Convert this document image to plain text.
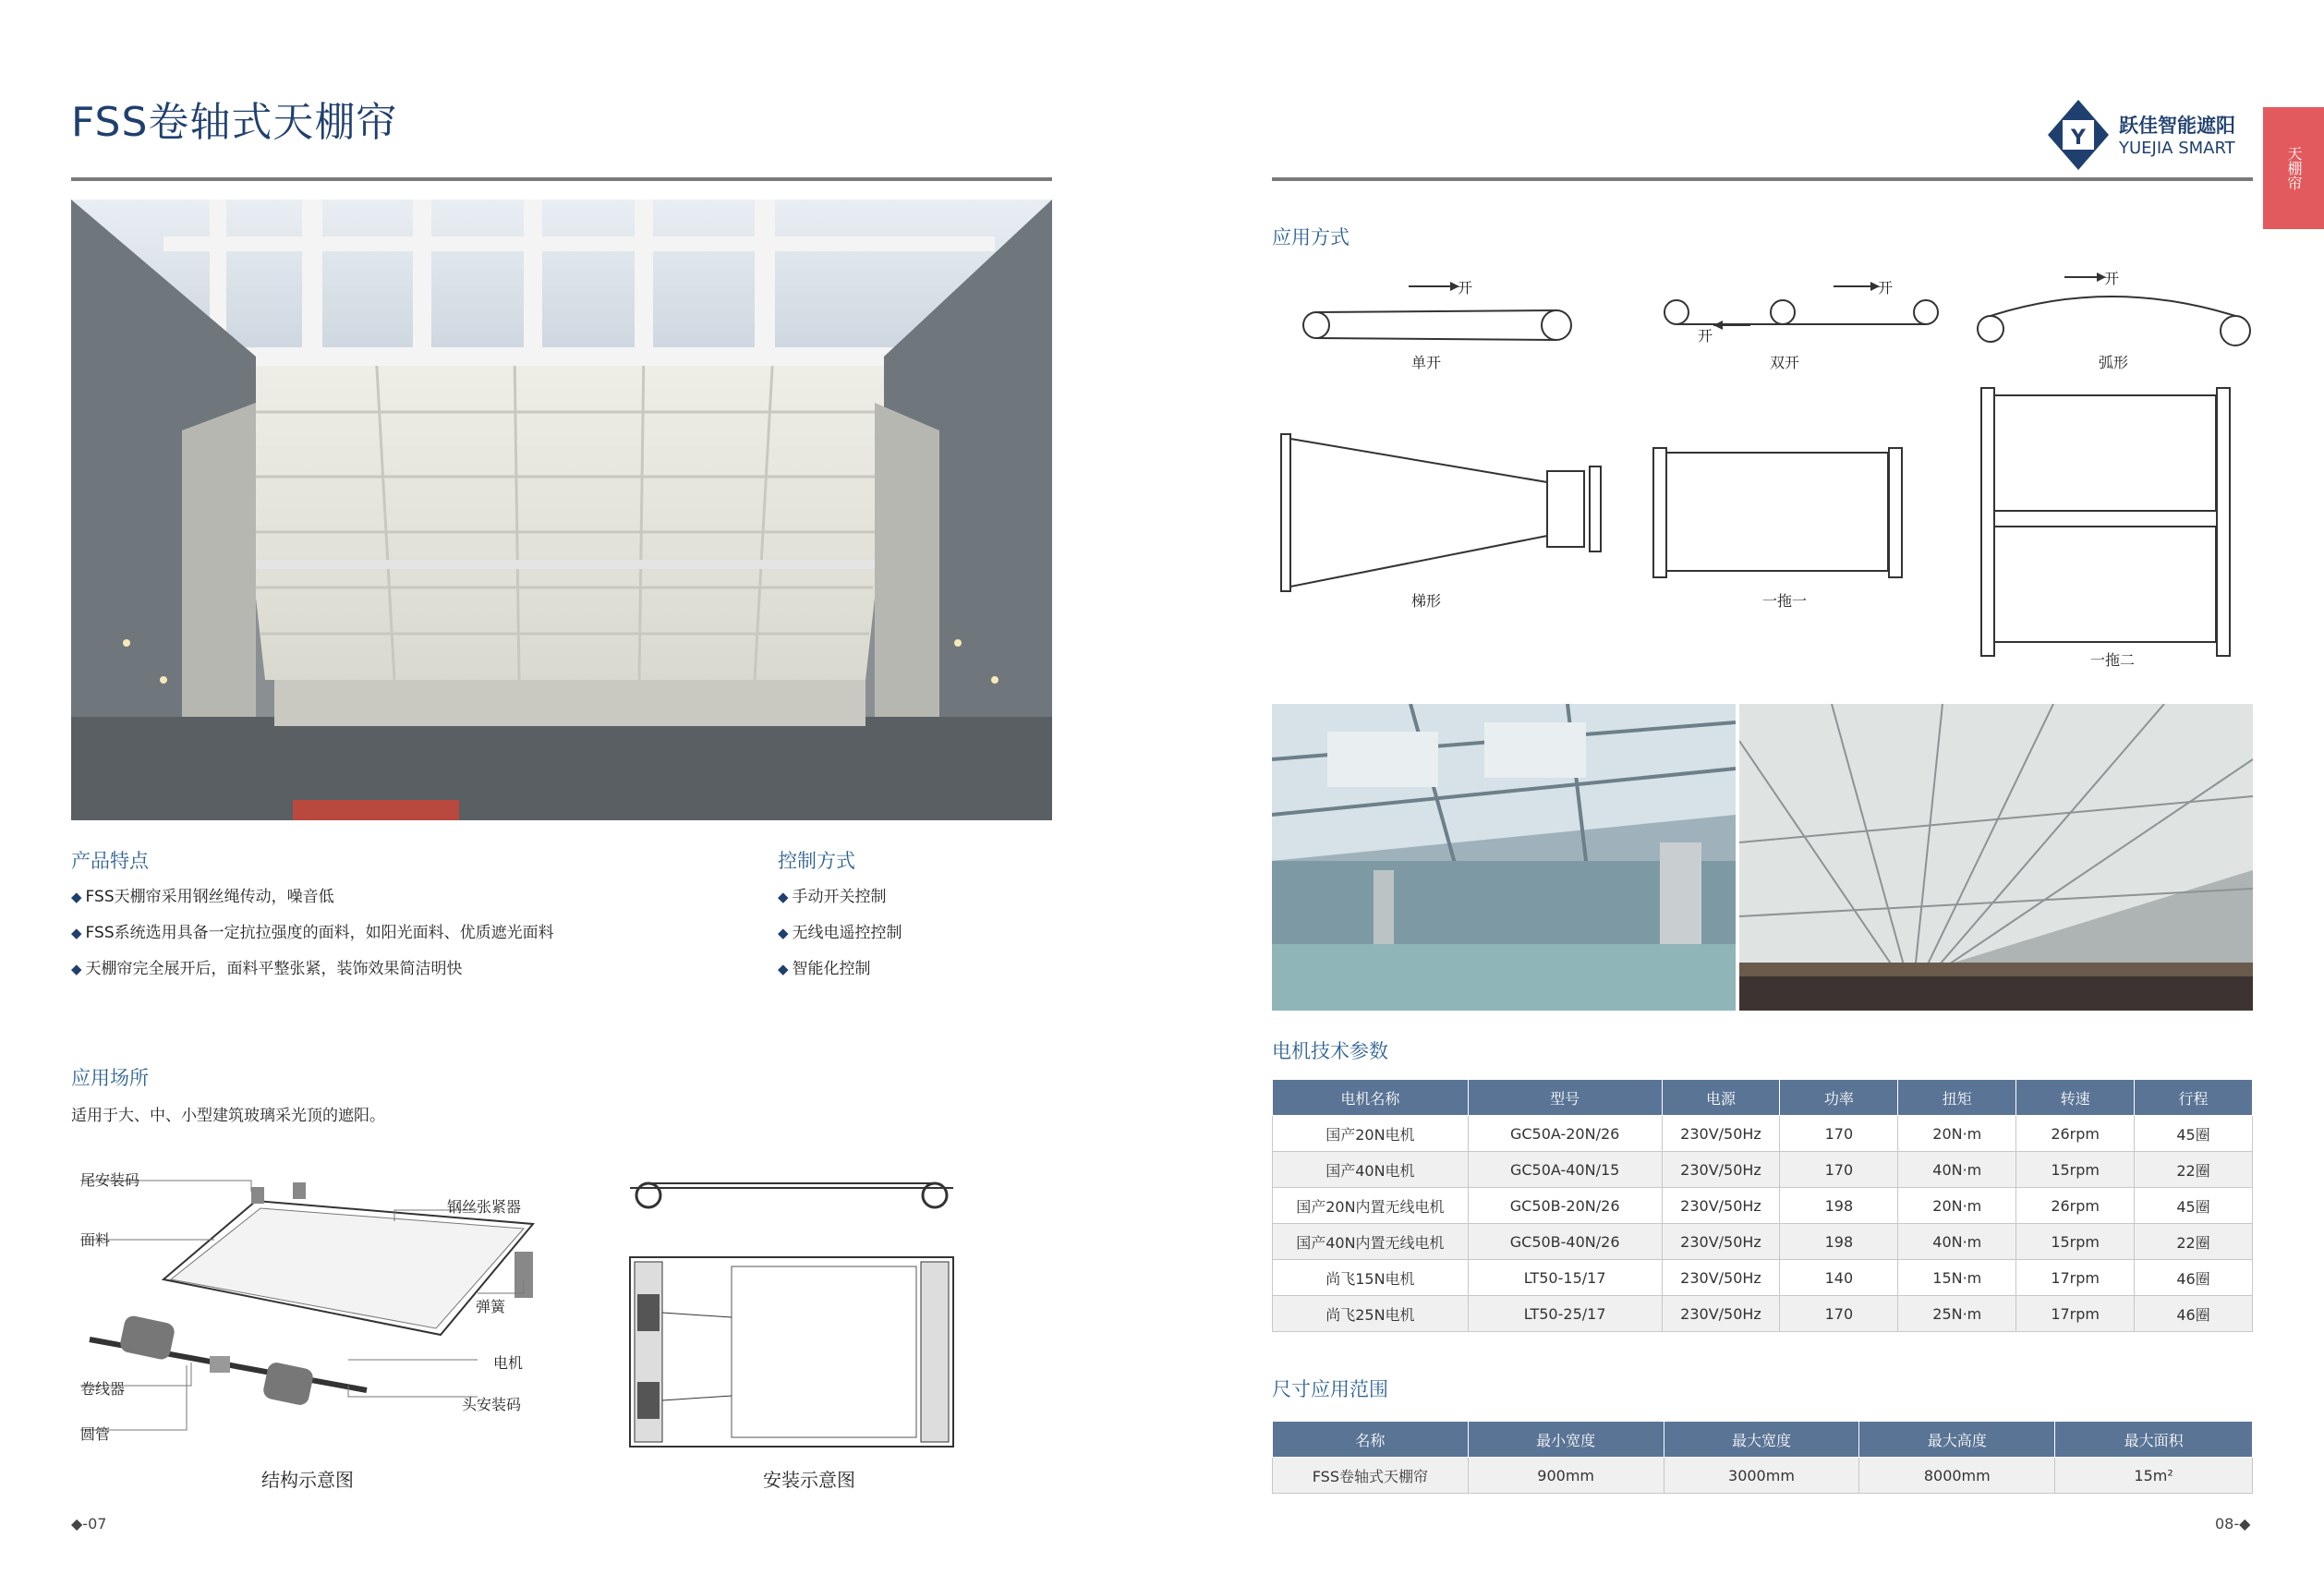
FSS卷轴式天棚帘
产品特点
◆ FSS天棚帘采用钢丝绳传动，噪音低
◆ FSS系统选用具备一定抗拉强度的面料，如阳光面料、优质遮光面料
◆ 天棚帘完全展开后，面料平整张紧，装饰效果简洁明快
控制方式
◆ 手动开关控制
◆ 无线电遥控控制
◆ 智能化控制
应用场所
适用于大、中、小型建筑玻璃采光顶的遮阳。
尾安装码
面料
钢丝张紧器
弹簧
电机
卷线器
头安装码
圆管
结构示意图	安装示意图
◆-07
Y
跃佳智能遮阳
YUEJIA SMART	天棚帘
应用方式
开	开
开
开
单开	双开	弧形
梯形	一拖一
一拖二
电机技术参数
电机名称	型号	电源	功率	扭矩	转速	行程
国产20N电机	GC50A-20N/26	230V/50Hz	170	20N·m	26rpm	45圈
国产40N电机	GC50A-40N/15	230V/50Hz	170	40N·m	15rpm	22圈
国产20N内置无线电机	GC50B-20N/26	230V/50Hz	198	20N·m	26rpm	45圈
国产40N内置无线电机	GC50B-40N/26	230V/50Hz	198	40N·m	15rpm	22圈
尚飞15N电机	LT50-15/17	230V/50Hz	140	15N·m	17rpm	46圈
尚飞25N电机	LT50-25/17	230V/50Hz	170	25N·m	17rpm	46圈
尺寸应用范围
名称	最小宽度	最大宽度	最大高度	最大面积
FSS卷轴式天棚帘	900mm	3000mm	8000mm	15m²
08-◆
